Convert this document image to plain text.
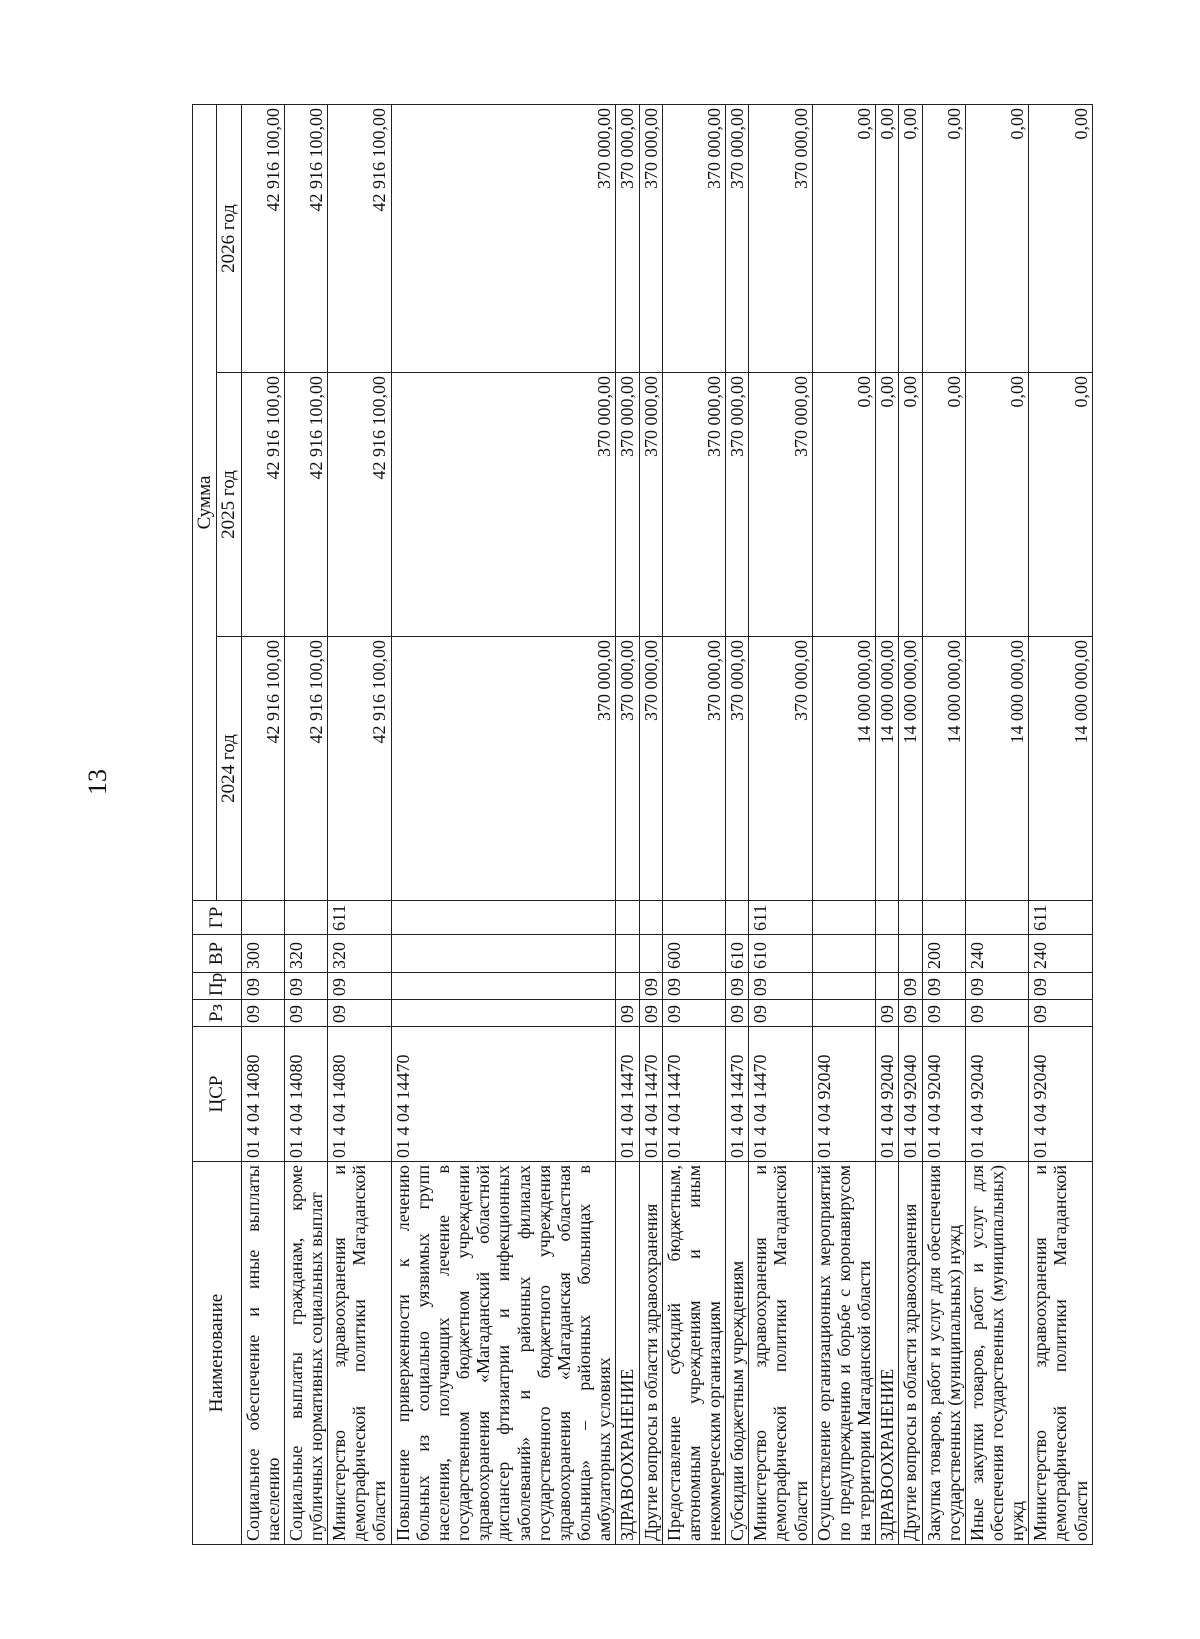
13
Наименование	ЦСР	Рз	Пр	ВР	ГР	Сумма		
						2024 год	2025 год	2026 год
Социальное обеспечение и иные выплаты населению	01 4 04 14080	09	09	300		42 916 100,00	42 916 100,00	42 916 100,00
Социальные выплаты гражданам, кроме публичных нормативных социальных выплат	01 4 04 14080	09	09	320		42 916 100,00	42 916 100,00	42 916 100,00
Министерство здравоохранения и демографической политики Магаданской области	01 4 04 14080	09	09	320	611	42 916 100,00	42 916 100,00	42 916 100,00
Повышение приверженности к лечению больных из социально уязвимых групп населения, получающих лечение в государственном бюджетном учреждении здравоохранения «Магаданский областной диспансер фтизиатрии и инфекционных заболеваний» и районных филиалах государственного бюджетного учреждения здравоохранения «Магаданская областная больница» – районных больницах в амбулаторных условиях	01 4 04 14470					370 000,00	370 000,00	370 000,00
ЗДРАВООХРАНЕНИЕ	01 4 04 14470	09				370 000,00	370 000,00	370 000,00
Другие вопросы в области здравоохранения	01 4 04 14470	09	09			370 000,00	370 000,00	370 000,00
Предоставление субсидий бюджетным, автономным учреждениям и иным некоммерческим организациям	01 4 04 14470	09	09	600		370 000,00	370 000,00	370 000,00
Субсидии бюджетным учреждениям	01 4 04 14470	09	09	610		370 000,00	370 000,00	370 000,00
Министерство здравоохранения и демографической политики Магаданской области	01 4 04 14470	09	09	610	611	370 000,00	370 000,00	370 000,00
Осуществление организационных мероприятий по предупреждению и борьбе с коронавирусом на территории Магаданской области	01 4 04 92040					14 000 000,00	0,00	0,00
ЗДРАВООХРАНЕНИЕ	01 4 04 92040	09				14 000 000,00	0,00	0,00
Другие вопросы в области здравоохранения	01 4 04 92040	09	09			14 000 000,00	0,00	0,00
Закупка товаров, работ и услуг для обеспечения государственных (муниципальных) нужд	01 4 04 92040	09	09	200		14 000 000,00	0,00	0,00
Иные закупки товаров, работ и услуг для обеспечения государственных (муниципальных) нужд	01 4 04 92040	09	09	240		14 000 000,00	0,00	0,00
Министерство здравоохранения и демографической политики Магаданской области	01 4 04 92040	09	09	240	611	14 000 000,00	0,00	0,00
